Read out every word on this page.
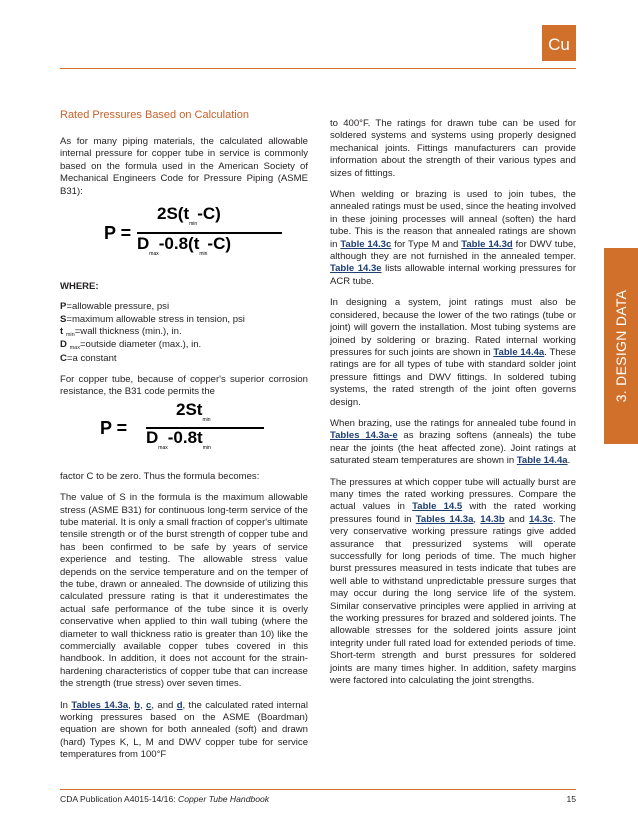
Cu
3. DESIGN DATA
Rated Pressures Based on Calculation

As for many piping materials, the calculated allowable internal pressure for copper tube in service is commonly based on the formula used in the American Society of Mechanical Engineers Code for Pressure Piping (ASME B31):

P =
$2S(t_{min}-C)$
$D_{max}-0.8(t_{min}-C)$
WHERE:

P=allowable pressure, psi

S=maximum allowable stress in tension, psi

t $_{min}$=wall thickness (min.), in.

D $_{max}$=outside diameter (max.), in.

C=a constant

For copper tube, because of copper's superior corrosion resistance, the B31 code permits the

P =
$2St_{min}$
$D_{max}-0.8t_{min}$

factor C to be zero. Thus the formula becomes:

The value of S in the formula is the maximum allowable stress (ASME B31) for continuous long-term service of the tube material. It is only a small fraction of copper's ultimate tensile strength or of the burst strength of copper tube and has been confirmed to be safe by years of service experience and testing. The allowable stress value depends on the service temperature and on the temper of the tube, drawn or annealed. The downside of utilizing this calculated pressure rating is that it underestimates the actual safe performance of the tube since it is overly conservative when applied to thin wall tubing (where the diameter to wall thickness ratio is greater than 10) like the commercially available copper tubes covered in this handbook. In addition, it does not account for the strain-hardening characteristics of copper tube that can increase the strength (true stress) over seven times.

In Tables 14.3a, b, c, and d, the calculated rated internal working pressures based on the ASME (Boardman) equation are shown for both annealed (soft) and drawn (hard) Types K, L, M and DWV copper tube for service temperatures from 100°F

to 400°F. The ratings for drawn tube can be used for soldered systems and systems using properly designed mechanical joints. Fittings manufacturers can provide information about the strength of their various types and sizes of fittings.

When welding or brazing is used to join tubes, the annealed ratings must be used, since the heating involved in these joining processes will anneal (soften) the hard tube. This is the reason that annealed ratings are shown in Table 14.3c for Type M and Table 14.3d for DWV tube, although they are not furnished in the annealed temper. Table 14.3e lists allowable internal working pressures for ACR tube.

In designing a system, joint ratings must also be considered, because the lower of the two ratings (tube or joint) will govern the installation. Most tubing systems are joined by soldering or brazing. Rated internal working pressures for such joints are shown in Table 14.4a. These ratings are for all types of tube with standard solder joint pressure fittings and DWV fittings. In soldered tubing systems, the rated strength of the joint often governs design.

When brazing, use the ratings for annealed tube found in Tables 14.3a-e as brazing softens (anneals) the tube near the joints (the heat affected zone). Joint ratings at saturated steam temperatures are shown in Table 14.4a.

The pressures at which copper tube will actually burst are many times the rated working pressures. Compare the actual values in Table 14.5 with the rated working pressures found in Tables 14.3a, 14.3b and 14.3c. The very conservative working pressure ratings give added assurance that pressurized systems will operate successfully for long periods of time. The much higher burst pressures measured in tests indicate that tubes are well able to withstand unpredictable pressure surges that may occur during the long service life of the system. Similar conservative principles were applied in arriving at the working pressures for brazed and soldered joints. The allowable stresses for the soldered joints assure joint integrity under full rated load for extended periods of time. Short-term strength and burst pressures for soldered joints are many times higher. In addition, safety margins were factored into calculating the joint strengths.

CDA Publication A4015-14/16: Copper Tube Handbook	15
